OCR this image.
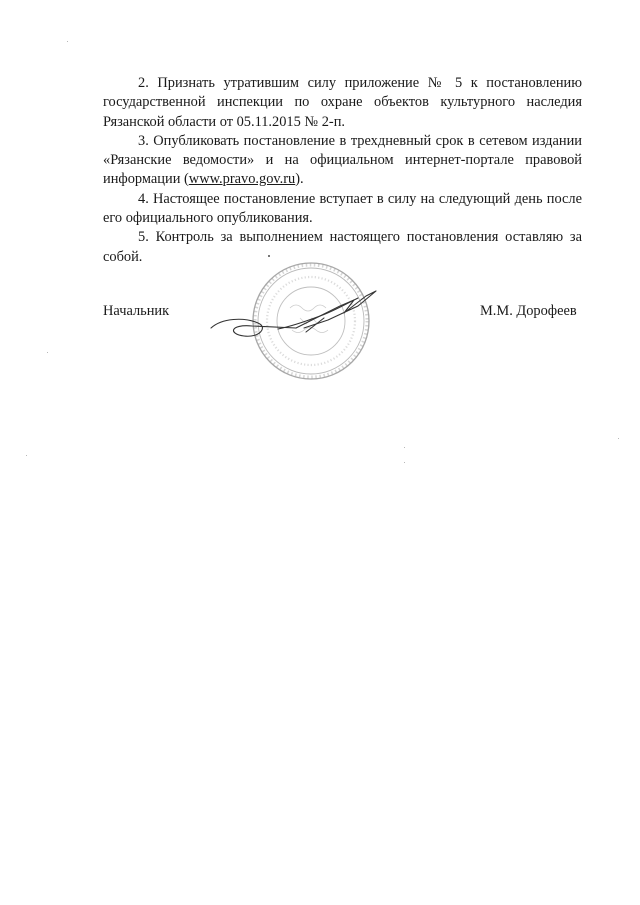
2. Признать утратившим силу приложение № 5 к постановлению государственной инспекции по охране объектов культурного наследия Рязанской области от 05.11.2015 № 2-п.

3. Опубликовать постановление в трехдневный срок в сетевом издании «Рязанские ведомости» и на официальном интернет-портале правовой информации (www.pravo.gov.ru).

4. Настоящее постановление вступает в силу на следующий день после его официального опубликования.

5. Контроль за выполнением настоящего постановления оставляю за собой.

Начальник	М.М. Дорофеев
